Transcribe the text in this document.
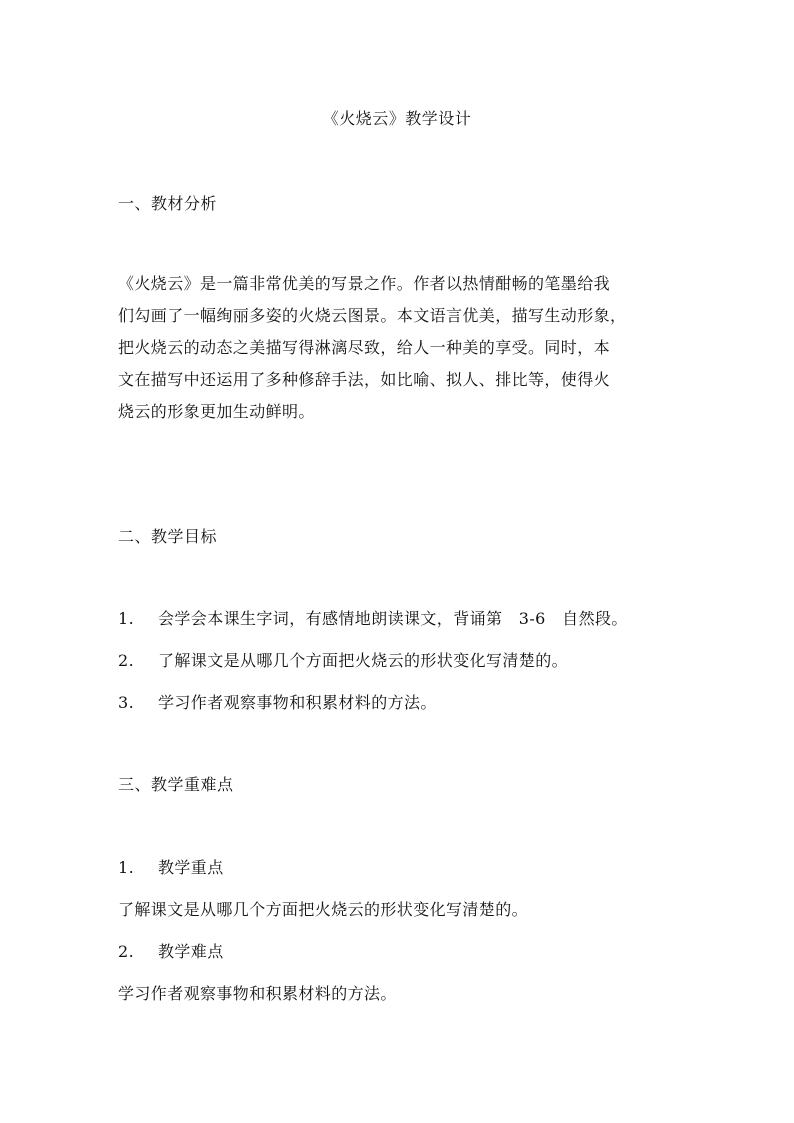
《火烧云》教学设计
一、教材分析
《火烧云》是一篇非常优美的写景之作。作者以热情酣畅的笔墨给我
们勾画了一幅绚丽多姿的火烧云图景。本文语言优美，描写生动形象，
把火烧云的动态之美描写得淋漓尽致，给人一种美的享受。同时，本
文在描写中还运用了多种修辞手法，如比喻、拟人、排比等，使得火
烧云的形象更加生动鲜明。
二、教学目标
1. 会学会本课生字词，有感情地朗读课文，背诵第　3-6　自然段。
2. 了解课文是从哪几个方面把火烧云的形状变化写清楚的。
3. 学习作者观察事物和积累材料的方法。
三、教学重难点
1. 教学重点
了解课文是从哪几个方面把火烧云的形状变化写清楚的。
2. 教学难点
学习作者观察事物和积累材料的方法。
